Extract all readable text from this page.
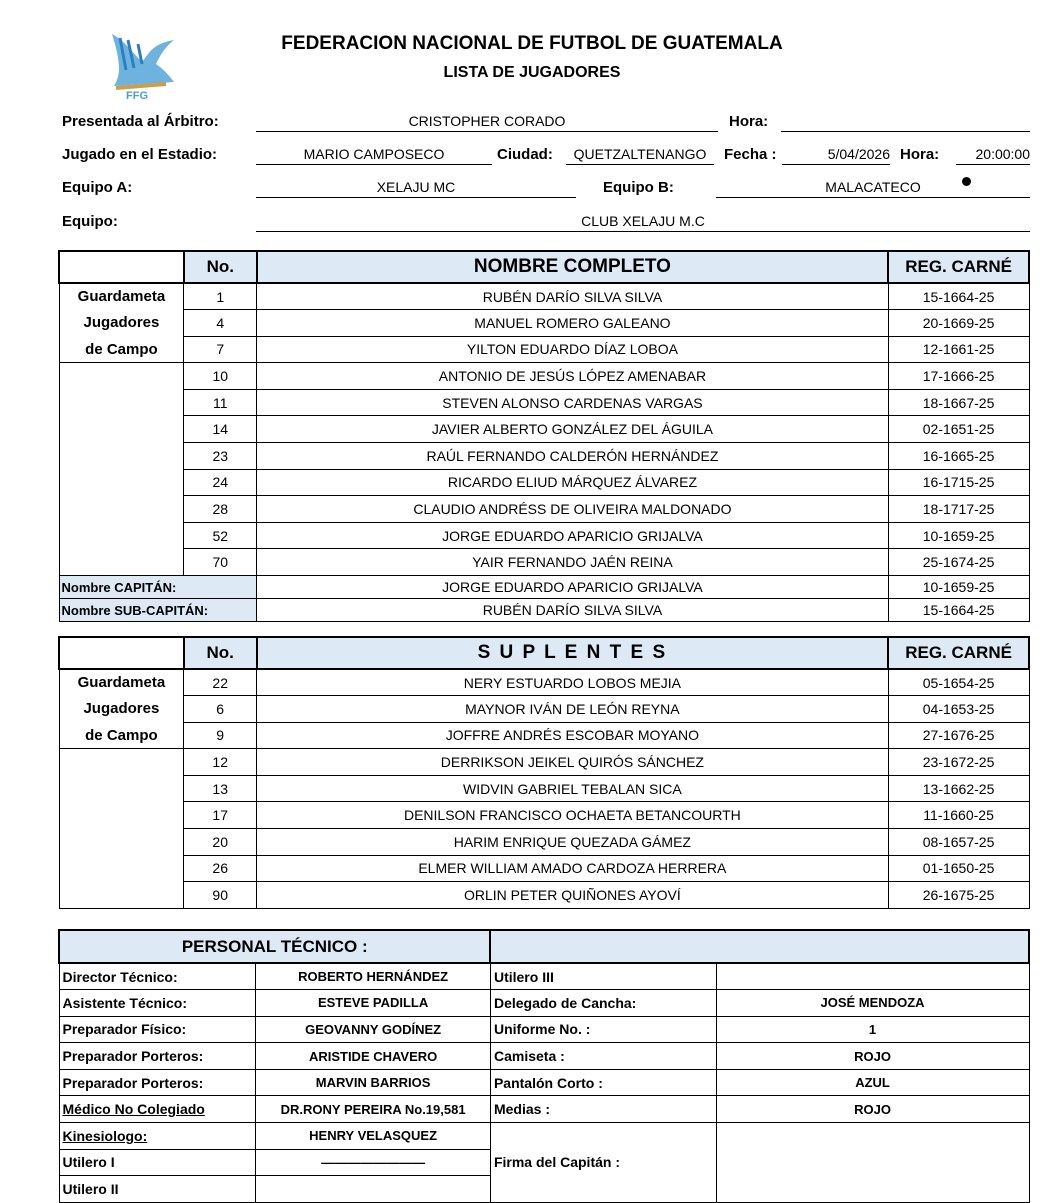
FFG
FEDERACION NACIONAL DE FUTBOL DE GUATEMALA
LISTA DE JUGADORES
Presentada al Árbitro:	CRISTOPHER CORADO	Hora:
Jugado en el Estadio:	MARIO CAMPOSECO	Ciudad:	QUETZALTENANGO	Fecha :	5/04/2026 Hora:	20:00:00
Equipo A:	XELAJU MC	Equipo B:	MALACATECO
Equipo:	CLUB XELAJU M.C
	No.	NOMBRE COMPLETO	REG. CARNÉ
Guardameta	1	RUBÉN DARÍO SILVA SILVA	15-1664-25
Jugadores	4	MANUEL ROMERO GALEANO	20-1669-25
de Campo	7	YILTON EDUARDO DÍAZ LOBOA	12-1661-25
	10	ANTONIO DE JESÚS LÓPEZ AMENABAR	17-1666-25
	11	STEVEN ALONSO CARDENAS VARGAS	18-1667-25
	14	JAVIER ALBERTO GONZÁLEZ DEL ÁGUILA	02-1651-25
	23	RAÚL FERNANDO CALDERÓN HERNÁNDEZ	16-1665-25
	24	RICARDO ELIUD MÁRQUEZ ÁLVAREZ	16-1715-25
	28	CLAUDIO ANDRÉSS DE OLIVEIRA MALDONADO	18-1717-25
	52	JORGE EDUARDO APARICIO GRIJALVA	10-1659-25
	70	YAIR FERNANDO JAÉN REINA	25-1674-25
Nombre CAPITÁN:		JORGE EDUARDO APARICIO GRIJALVA	10-1659-25
Nombre SUB-CAPITÁN:		RUBÉN DARÍO SILVA SILVA	15-1664-25
	No.	S U P L E N T E S	REG. CARNÉ
Guardameta	22	NERY ESTUARDO LOBOS MEJIA	05-1654-25
Jugadores	6	MAYNOR IVÁN DE LEÓN REYNA	04-1653-25
de Campo	9	JOFFRE ANDRÉS ESCOBAR MOYANO	27-1676-25
	12	DERRIKSON JEIKEL QUIRÓS SÁNCHEZ	23-1672-25
	13	WIDVIN GABRIEL TEBALAN SICA	13-1662-25
	17	DENILSON FRANCISCO OCHAETA BETANCOURTH	11-1660-25
	20	HARIM ENRIQUE QUEZADA GÁMEZ	08-1657-25
	26	ELMER WILLIAM AMADO CARDOZA HERRERA	01-1650-25
	90	ORLIN PETER QUIÑONES AYOVÍ	26-1675-25
PERSONAL TÉCNICO :			
Director Técnico:	ROBERTO HERNÁNDEZ	Utilero III	
Asistente Técnico:	ESTEVE PADILLA	Delegado de Cancha:	JOSÉ MENDOZA
Preparador Físico:	GEOVANNY GODÍNEZ	Uniforme No. :	1
Preparador Porteros:	ARISTIDE CHAVERO	Camiseta :	ROJO
Preparador Porteros:	MARVIN BARRIOS	Pantalón Corto :	AZUL
Médico No Colegiado	DR.RONY PEREIRA No.19,581	Medias :	ROJO
Kinesiologo:	HENRY VELASQUEZ	Firma del Capitán :	
Utilero I	————————		
Utilero II			
